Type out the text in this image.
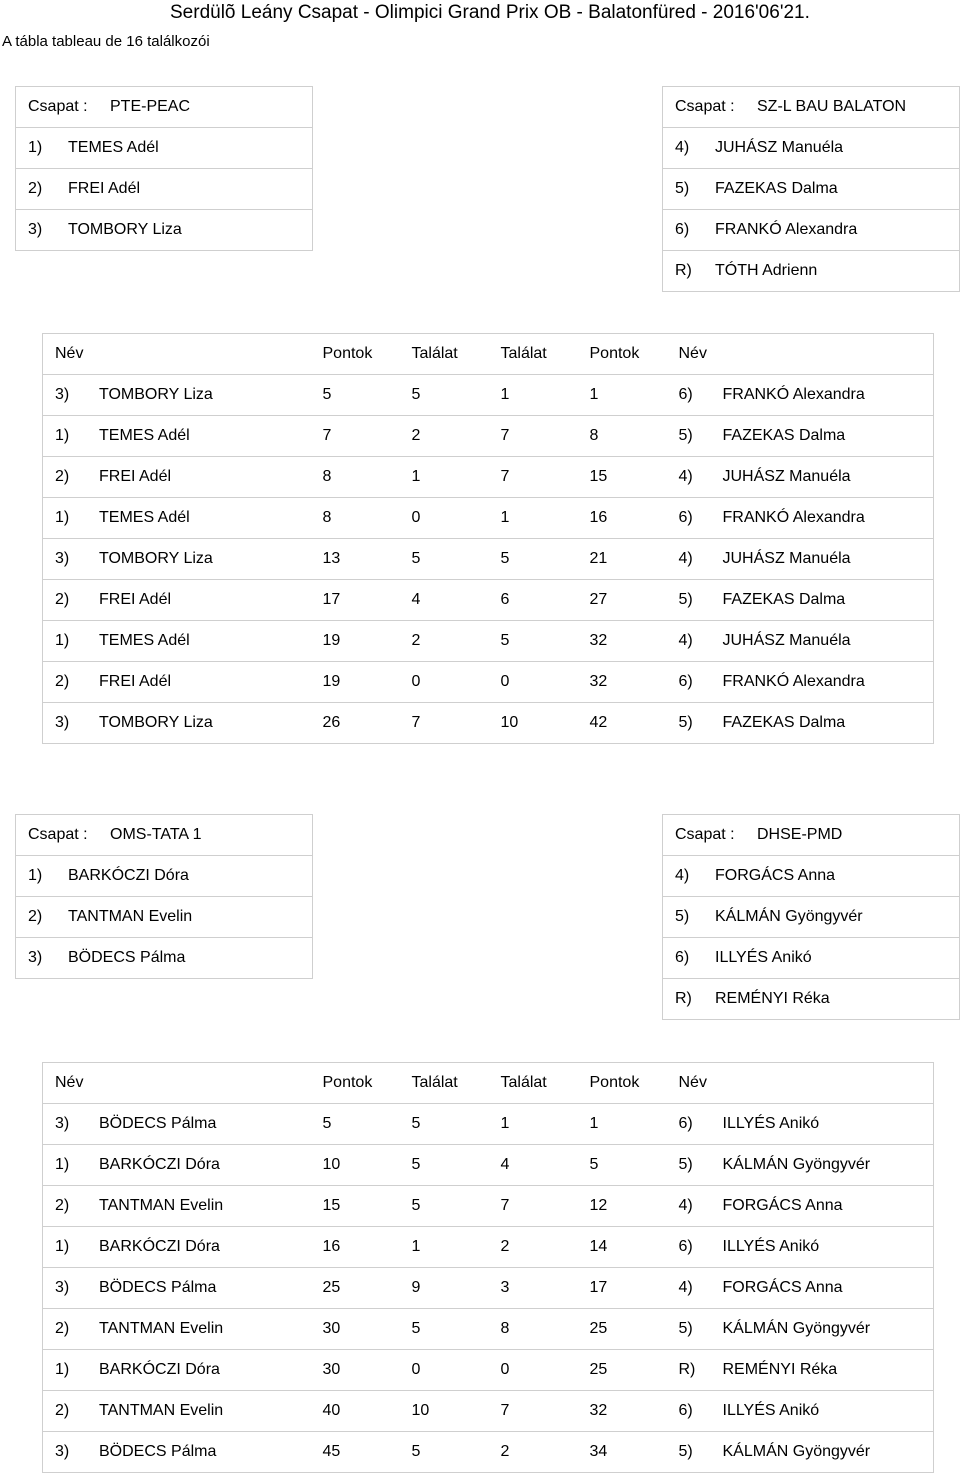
Serdülõ Leány Csapat - Olimpici Grand Prix OB - Balatonfüred - 2016'06'21.
A tábla tableau de 16 találkozói
Csapat : PTE-PEAC
1) TEMES Adél
2) FREI Adél
3) TOMBORY Liza
Csapat : SZ-L BAU BALATON
4) JUHÁSZ Manuéla
5) FAZEKAS Dalma
6) FRANKÓ Alexandra
R) TÓTH Adrienn
Név	Pontok	Találat	Találat	Pontok	Név
3) TOMBORY Liza	5	5	1	1	6) FRANKÓ Alexandra
1) TEMES Adél	7	2	7	8	5) FAZEKAS Dalma
2) FREI Adél	8	1	7	15	4) JUHÁSZ Manuéla
1) TEMES Adél	8	0	1	16	6) FRANKÓ Alexandra
3) TOMBORY Liza	13	5	5	21	4) JUHÁSZ Manuéla
2) FREI Adél	17	4	6	27	5) FAZEKAS Dalma
1) TEMES Adél	19	2	5	32	4) JUHÁSZ Manuéla
2) FREI Adél	19	0	0	32	6) FRANKÓ Alexandra
3) TOMBORY Liza	26	7	10	42	5) FAZEKAS Dalma
Csapat : OMS-TATA 1
1) BARKÓCZI Dóra
2) TANTMAN Evelin
3) BÖDECS Pálma
Csapat : DHSE-PMD
4) FORGÁCS Anna
5) KÁLMÁN Gyöngyvér
6) ILLYÉS Anikó
R) REMÉNYI Réka
Név	Pontok	Találat	Találat	Pontok	Név
3) BÖDECS Pálma	5	5	1	1	6) ILLYÉS Anikó
1) BARKÓCZI Dóra	10	5	4	5	5) KÁLMÁN Gyöngyvér
2) TANTMAN Evelin	15	5	7	12	4) FORGÁCS Anna
1) BARKÓCZI Dóra	16	1	2	14	6) ILLYÉS Anikó
3) BÖDECS Pálma	25	9	3	17	4) FORGÁCS Anna
2) TANTMAN Evelin	30	5	8	25	5) KÁLMÁN Gyöngyvér
1) BARKÓCZI Dóra	30	0	0	25	R) REMÉNYI Réka
2) TANTMAN Evelin	40	10	7	32	6) ILLYÉS Anikó
3) BÖDECS Pálma	45	5	2	34	5) KÁLMÁN Gyöngyvér
